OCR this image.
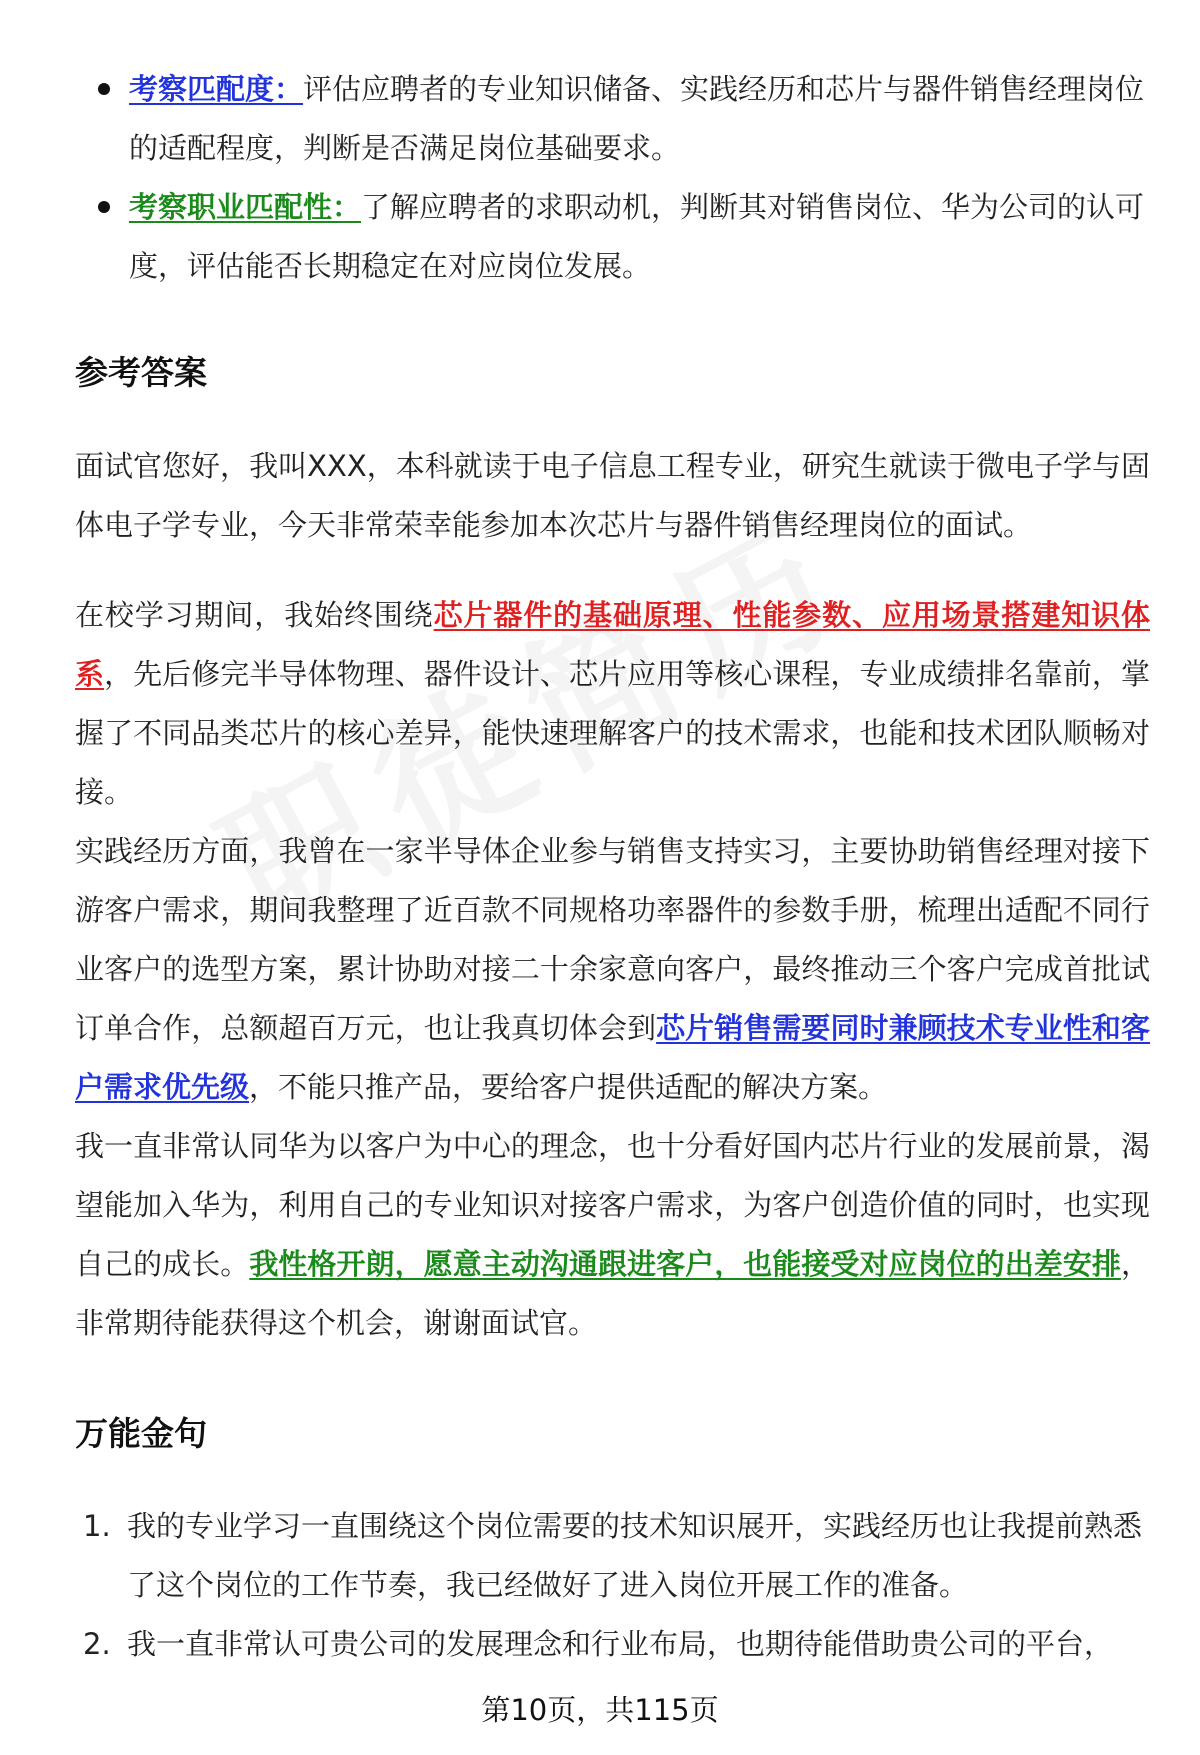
考察匹配度：评估应聘者的专业知识储备、实践经历和芯片与器件销售经理岗位的适配程度，判断是否满足岗位基础要求。
考察职业匹配性：了解应聘者的求职动机，判断其对销售岗位、华为公司的认可度，评估能否长期稳定在对应岗位发展。
参考答案

面试官您好，我叫XXX，本科就读于电子信息工程专业，研究生就读于微电子学与固体电子学专业，今天非常荣幸能参加本次芯片与器件销售经理岗位的面试。

在校学习期间，我始终围绕芯片器件的基础原理、性能参数、应用场景搭建知识体系，先后修完半导体物理、器件设计、芯片应用等核心课程，专业成绩排名靠前，掌握了不同品类芯片的核心差异，能快速理解客户的技术需求，也能和技术团队顺畅对接。

实践经历方面，我曾在一家半导体企业参与销售支持实习，主要协助销售经理对接下游客户需求，期间我整理了近百款不同规格功率器件的参数手册，梳理出适配不同行业客户的选型方案，累计协助对接二十余家意向客户，最终推动三个客户完成首批试订单合作，总额超百万元，也让我真切体会到芯片销售需要同时兼顾技术专业性和客户需求优先级，不能只推产品，要给客户提供适配的解决方案。

我一直非常认同华为以客户为中心的理念，也十分看好国内芯片行业的发展前景，渴望能加入华为，利用自己的专业知识对接客户需求，为客户创造价值的同时，也实现自己的成长。我性格开朗，愿意主动沟通跟进客户，也能接受对应岗位的出差安排，非常期待能获得这个机会，谢谢面试官。

万能金句
1. 我的专业学习一直围绕这个岗位需要的技术知识展开，实践经历也让我提前熟悉了这个岗位的工作节奏，我已经做好了进入岗位开展工作的准备。
2. 我一直非常认可贵公司的发展理念和行业布局，也期待能借助贵公司的平台，
第10页，共115页
